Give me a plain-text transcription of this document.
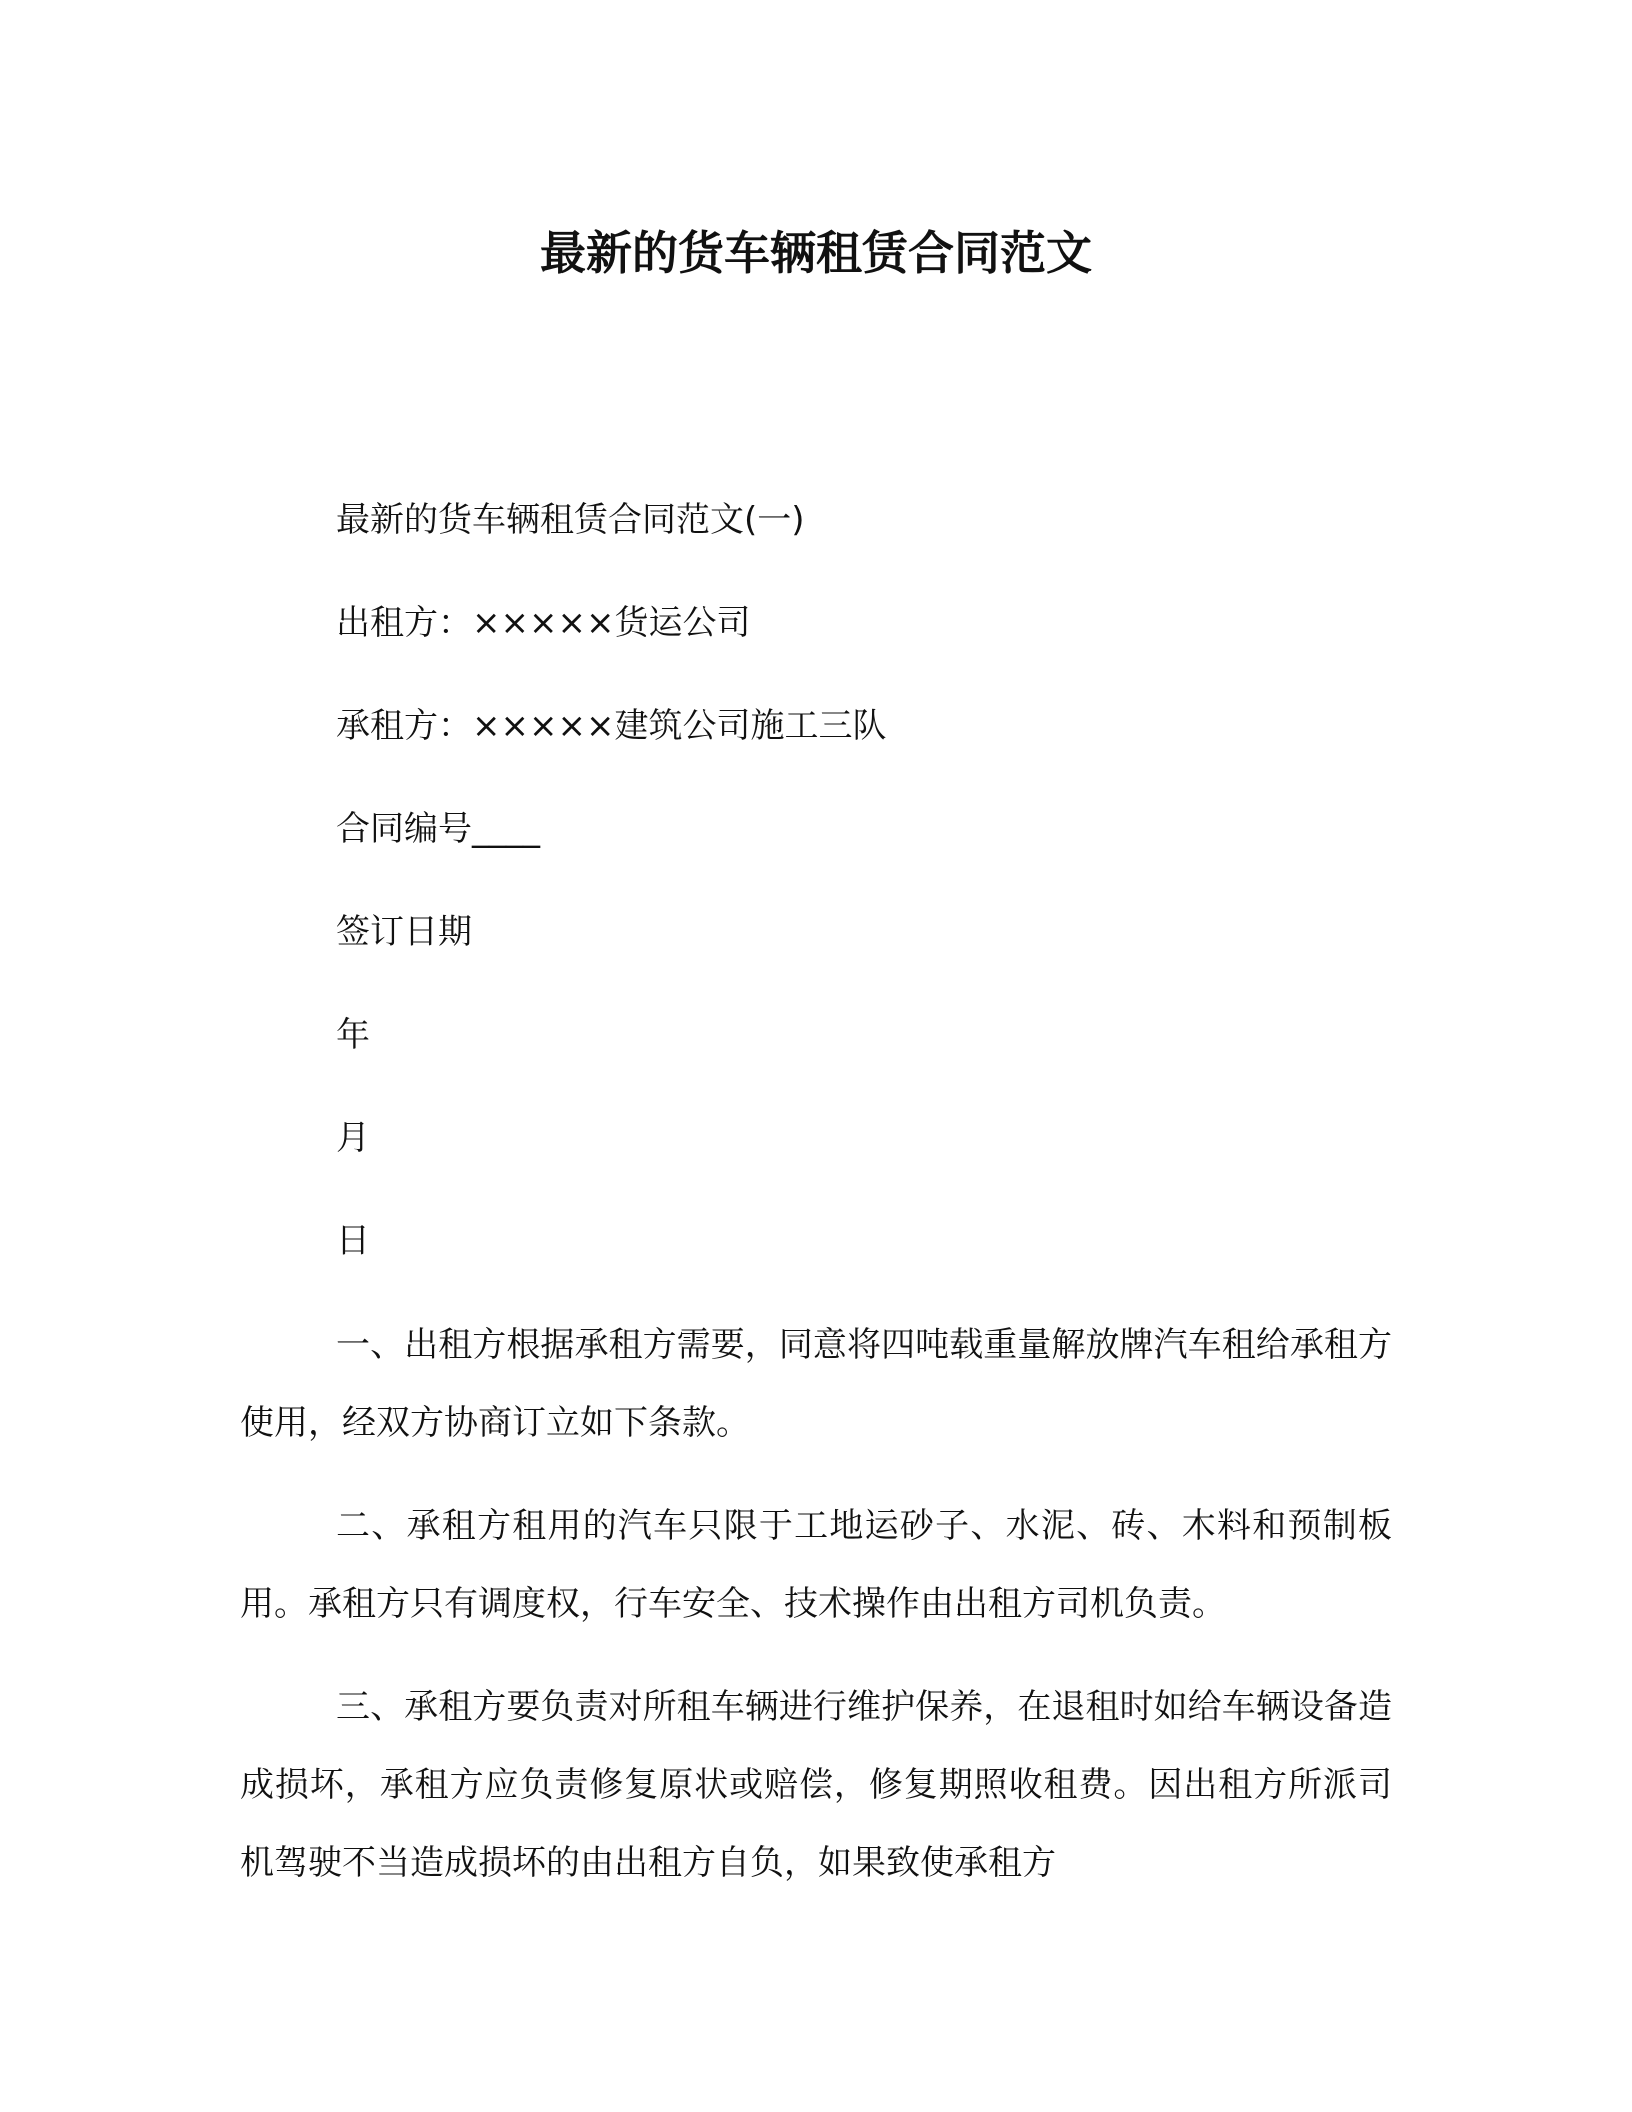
最新的货车辆租赁合同范文
最新的货车辆租赁合同范文(一)
出租方：×××××货运公司
承租方：×××××建筑公司施工三队
合同编号____
签订日期
年
月
日
一、出租方根据承租方需要，同意将四吨载重量解放牌汽车租给承租方使用，经双方协商订立如下条款。
二、承租方租用的汽车只限于工地运砂子、水泥、砖、木料和预制板用。承租方只有调度权，行车安全、技术操作由出租方司机负责。
三、承租方要负责对所租车辆进行维护保养，在退租时如给车辆设备造成损坏，承租方应负责修复原状或赔偿，修复期照收租费。因出租方所派司机驾驶不当造成损坏的由出租方自负，如果致使承租方
